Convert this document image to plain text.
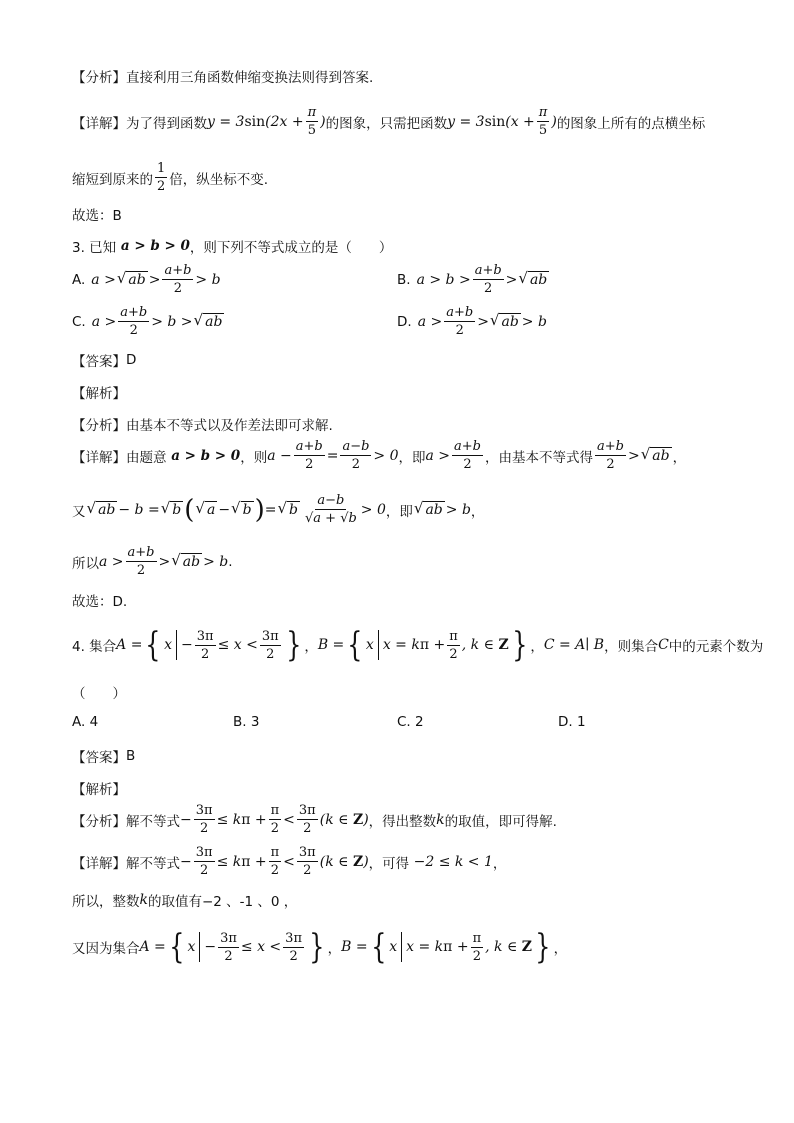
【分析】 直接利用三角函数伸缩变换法则得到答案.
【详解】 为了得到函数 $y = 3\sin(2x + \frac{\pi}{5}$ ) 的图象，只需把函数 $y = 3\sin(x + \frac{\pi}{5}$ ) 的图象上所有的点横坐标
缩短到原来的 $\frac{1}{2}$ 倍，纵坐标不变.
故选：B
3. 已知 a > b > 0 ，则下列不等式成立的是（　　）
A. a > √ ab > $\frac{a+b}{2} > b$	B. $a > b > \frac{a+b}{2}$ > √ ab
C. $a > \frac{a+b}{2} > b$ > √ ab	D. $a > \frac{a+b}{2}$ > √ ab > b
【答案】 D
【解析】
【分析】 由基本不等式以及作差法即可求解.
【详解】 由题意 a > b > 0 ，则 $a - \frac{a+b}{2} = \frac{a-b}{2} > 0$ ，即 $a > \frac{a+b}{2}$ ，由基本不等式得 $\frac{a+b}{2}$ > √ ab ，
又 √ ab − b = √ b ( √ a − √ b ) = √ b $\frac{a-b}{√a + √b} > 0$ ，即 √ ab > b ，
所以 $a > \frac{a+b}{2}$ > √ ab > b .
故选：D.
4. 集合 A = { $x - \frac{3\pi}{2} \le x < \frac{3\pi}{2}$ } ， B = { x $x = k\pi + \frac{\pi}{2}$ , k ∈ Z } ， C = A∣ B ，则集合 C 中的元素个数为
（　　）
A. 4	B. 3	C. 2	D. 1
【答案】 B
【解析】
【分析】 解不等式 − $\frac{3\pi}{2} \le k\pi + \frac{\pi}{2} < \frac{3\pi}{2} (k$ ∈ Z) ，得出整数 k 的取值，即可得解.
【详解】 解不等式 − $\frac{3\pi}{2} \le k\pi + \frac{\pi}{2} < \frac{3\pi}{2} (k$ ∈ Z) ，可得 −2 ≤ k < 1 ，
所以，整数 k 的取值有 −2 、-1 、0 ，
又因为集合 A = { $x - \frac{3\pi}{2} \le x < \frac{3\pi}{2}$ } ， B = { x $x = k\pi + \frac{\pi}{2}$ , k ∈ Z } ，
